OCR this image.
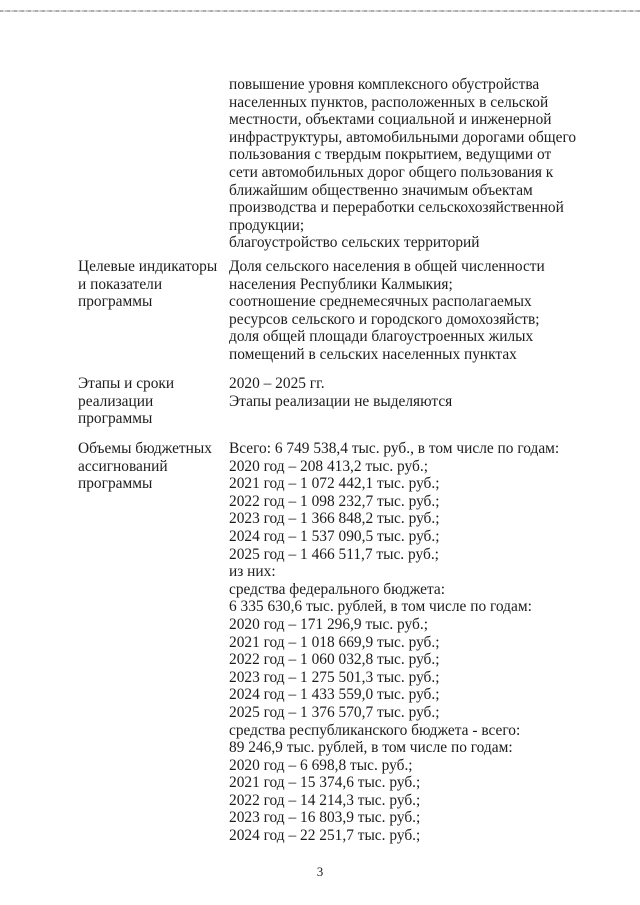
повышение уровня комплексного обустройства
населенных пунктов, расположенных в сельской
местности, объектами социальной и инженерной
инфраструктуры, автомобильными дорогами общего
пользования с твердым покрытием, ведущими от
сети автомобильных дорог общего пользования к
ближайшим общественно значимым объектам
производства и переработки сельскохозяйственной
продукции;
благоустройство сельских территорий
Целевые индикаторы
и показатели
программы
Доля сельского населения в общей численности
населения Республики Калмыкия;
соотношение среднемесячных располагаемых
ресурсов сельского и городского домохозяйств;
доля общей площади благоустроенных жилых
помещений в сельских населенных пунктах
Этапы и сроки
реализации
программы
2020 – 2025 гг.
Этапы реализации не выделяются
Объемы бюджетных
ассигнований
программы
Всего: 6 749 538,4 тыс. руб., в том числе по годам:
2020 год – 208 413,2 тыс. руб.;
2021 год – 1 072 442,1 тыс. руб.;
2022 год – 1 098 232,7 тыс. руб.;
2023 год – 1 366 848,2 тыс. руб.;
2024 год – 1 537 090,5 тыс. руб.;
2025 год – 1 466 511,7 тыс. руб.;
из них:
средства федерального бюджета:
6 335 630,6 тыс. рублей, в том числе по годам:
2020 год – 171 296,9 тыс. руб.;
2021 год – 1 018 669,9 тыс. руб.;
2022 год – 1 060 032,8 тыс. руб.;
2023 год – 1 275 501,3 тыс. руб.;
2024 год – 1 433 559,0 тыс. руб.;
2025 год – 1 376 570,7 тыс. руб.;
средства республиканского бюджета - всего:
89 246,9 тыс. рублей, в том числе по годам:
2020 год – 6 698,8 тыс. руб.;
2021 год – 15 374,6 тыс. руб.;
2022 год – 14 214,3 тыс. руб.;
2023 год – 16 803,9 тыс. руб.;
2024 год – 22 251,7 тыс. руб.;
3
